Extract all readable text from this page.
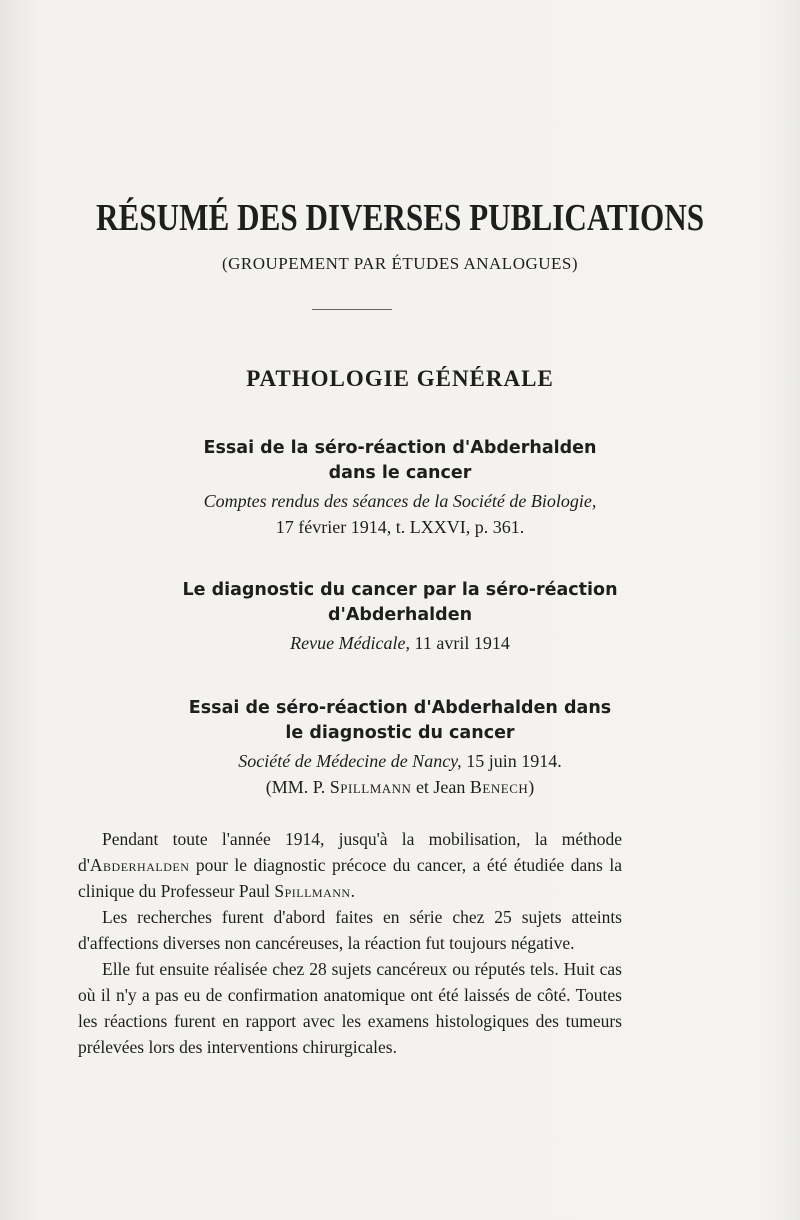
RÉSUMÉ DES DIVERSES PUBLICATIONS
(GROUPEMENT PAR ÉTUDES ANALOGUES)
PATHOLOGIE GÉNÉRALE
Essai de la séro-réaction d'Abderhalden
dans le cancer
Comptes rendus des séances de la Société de Biologie,
17 février 1914, t. LXXVI, p. 361.
Le diagnostic du cancer par la séro-réaction
d'Abderhalden
Revue Médicale, 11 avril 1914
Essai de séro-réaction d'Abderhalden dans
le diagnostic du cancer
Société de Médecine de Nancy, 15 juin 1914.
(MM. P. Spillmann et Jean Benech)

Pendant toute l'année 1914, jusqu'à la mobilisation, la méthode d'Abderhalden pour le diagnostic précoce du cancer, a été étudiée dans la clinique du Professeur Paul Spillmann.

Les recherches furent d'abord faites en série chez 25 sujets atteints d'affections diverses non cancéreuses, la réaction fut toujours négative.

Elle fut ensuite réalisée chez 28 sujets cancéreux ou réputés tels. Huit cas où il n'y a pas eu de confirmation anatomique ont été laissés de côté. Toutes les réactions furent en rapport avec les examens histologiques des tumeurs prélevées lors des interventions chirurgicales.
